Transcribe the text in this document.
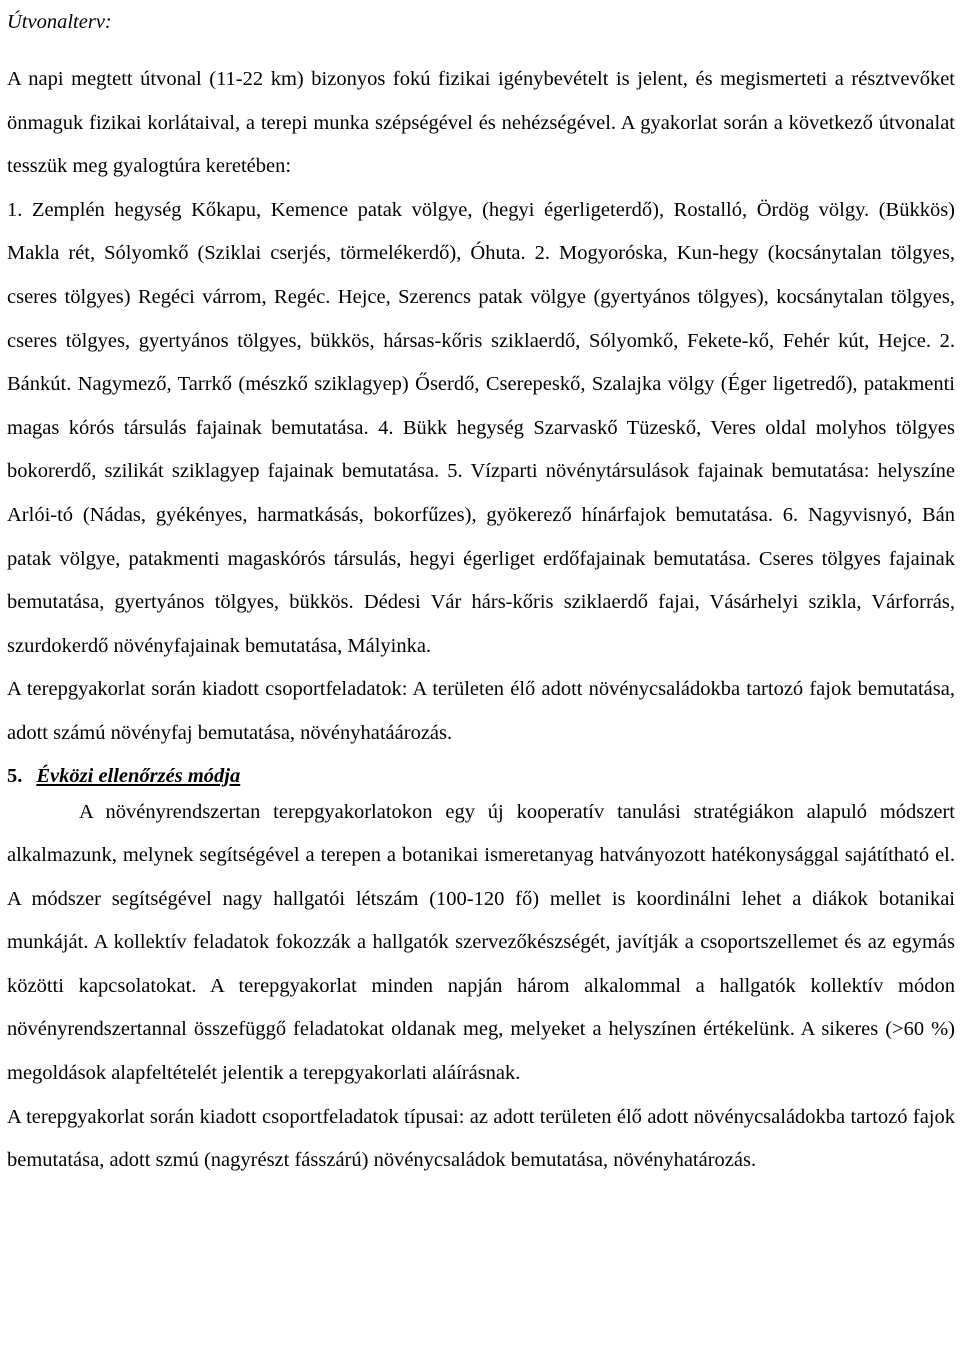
Útvonalterv:

A napi megtett útvonal (11-22 km) bizonyos fokú fizikai igénybevételt is jelent, és megismerteti a résztvevőket önmaguk fizikai korlátaival, a terepi munka szépségével és nehézségével. A gyakorlat során a következő útvonalat tesszük meg gyalogtúra keretében:

1. Zemplén hegység Kőkapu, Kemence patak völgye, (hegyi égerligeterdő), Rostalló, Ördög völgy. (Bükkös) Makla rét, Sólyomkő (Sziklai cserjés, törmelékerdő), Óhuta. 2. Mogyoróska, Kun-hegy (kocsánytalan tölgyes, cseres tölgyes) Regéci várrom, Regéc. Hejce, Szerencs patak völgye (gyertyános tölgyes), kocsánytalan tölgyes, cseres tölgyes, gyertyános tölgyes, bükkös, hársas-kőris sziklaerdő, Sólyomkő, Fekete-kő, Fehér kút, Hejce. 2. Bánkút. Nagymező, Tarrkő (mészkő sziklagyep) Őserdő, Cserepeskő, Szalajka völgy (Éger ligetredő), patakmenti magas kórós társulás fajainak bemutatása. 4. Bükk hegység Szarvaskő Tüzeskő, Veres oldal molyhos tölgyes bokorerdő, szilikát sziklagyep fajainak bemutatása. 5. Vízparti növénytársulások fajainak bemutatása: helyszíne Arlói-tó (Nádas, gyékényes, harmatkásás, bokorfűzes), gyökerező hínárfajok bemutatása. 6. Nagyvisnyó, Bán patak völgye, patakmenti magaskórós társulás, hegyi égerliget erdőfajainak bemutatása. Cseres tölgyes fajainak bemutatása, gyertyános tölgyes, bükkös. Dédesi Vár hárs-kőris sziklaerdő fajai, Vásárhelyi szikla, Várforrás, szurdokerdő növényfajainak bemutatása, Mályinka.

A terepgyakorlat során kiadott csoportfeladatok: A területen élő adott növénycsaládokba tartozó fajok bemutatása, adott számú növényfaj bemutatása, növényhatáározás.

5. Évközi ellenőrzés módja

A növényrendszertan terepgyakorlatokon egy új kooperatív tanulási stratégiákon alapuló módszert alkalmazunk, melynek segítségével a terepen a botanikai ismeretanyag hatványozott hatékonysággal sajátítható el. A módszer segítségével nagy hallgatói létszám (100-120 fő) mellet is koordinálni lehet a diákok botanikai munkáját. A kollektív feladatok fokozzák a hallgatók szervezőkészségét, javítják a csoportszellemet és az egymás közötti kapcsolatokat. A terepgyakorlat minden napján három alkalommal a hallgatók kollektív módon növényrendszertannal összefüggő feladatokat oldanak meg, melyeket a helyszínen értékelünk. A sikeres (>60 %) megoldások alapfeltételét jelentik a terepgyakorlati aláírásnak.

A terepgyakorlat során kiadott csoportfeladatok típusai: az adott területen élő adott növénycsaládokba tartozó fajok bemutatása, adott szmú (nagyrészt fásszárú) növénycsaládok bemutatása, növényhatározás.
